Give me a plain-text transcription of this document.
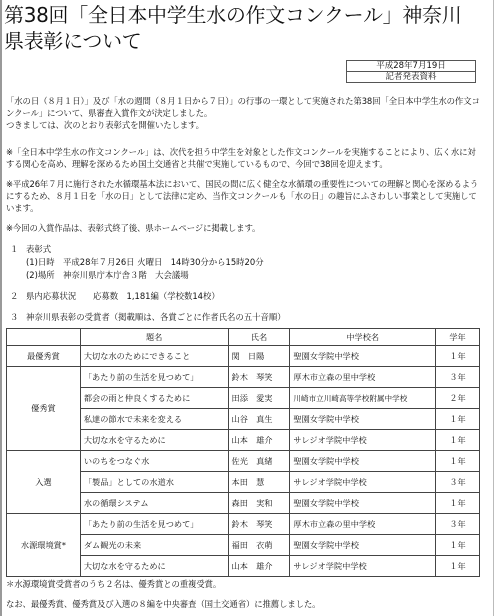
第38回「全日本中学生水の作文コンクール」神奈川県表彰について
平成28年7月19日
記者発表資料

「水の日（８月１日）」及び「水の週間（８月１日から７日）」の行事の一環として実施された第38回「全日本中学生水の作文コンクール」について、県審査入賞作文が決定しました。

つきましては、次のとおり表彰式を開催いたします。

※「全日本中学生水の作文コンクール」は、次代を担う中学生を対象とした作文コンクールを実施することにより、広く水に対する関心を高め、理解を深めるため国土交通省と共催で実施しているもので、今回で38回を迎えます。

※平成26年７月に施行された水循環基本法において、国民の間に広く健全な水循環の重要性についての理解と関心を深めるようにするため、８月１日を「水の日」として法律に定め、当作文コンクールも「水の日」の趣旨にふさわしい事業として実施しています。

※今回の入賞作品は、表彰式終了後、県ホームページに掲載します。

１ 表彰式
(1)日時　平成28年７月26日 火曜日　14時30分から15時20分
(2)場所　神奈川県庁本庁舎３階　大会議場
２ 県内応募状況　　応募数　1,181編（学校数14校）
３ 神奈川県表彰の受賞者（掲載順は、各賞ごとに作者氏名の五十音順）
	題名	氏名	中学校名	学年
最優秀賞	大切な水のためにできること	関　日陽	聖園女学院中学校	１年
優秀賞	「あたり前の生活を見つめて」	鈴木　琴笑	厚木市立森の里中学校	３年
	都会の雨と仲良くするために	田添　愛実	川崎市立川崎高等学校附属中学校	２年
	私達の節水で未来を変える	山谷　真生	聖園女学院中学校	１年
	大切な水を守るために	山本　雄介	サレジオ学院中学校	１年
入選	いのちをつなぐ水	佐光　真緒	聖園女学院中学校	１年
	「製品」としての水道水	本田　慧	サレジオ学院中学校	３年
	水の循環システム	森田　実和	聖園女学院中学校	１年
水源環境賞*	「あたり前の生活を見つめて」	鈴木　琴笑	厚木市立森の里中学校	３年
	ダム観光の未来	福田　衣萌	聖園女学院中学校	１年
	大切な水を守るために	山本　雄介	サレジオ学院中学校	１年

＊水源環境賞受賞者のうち２名は、優秀賞との重複受賞。

なお、最優秀賞、優秀賞及び入選の８編を中央審査（国土交通省）に推薦しました。
